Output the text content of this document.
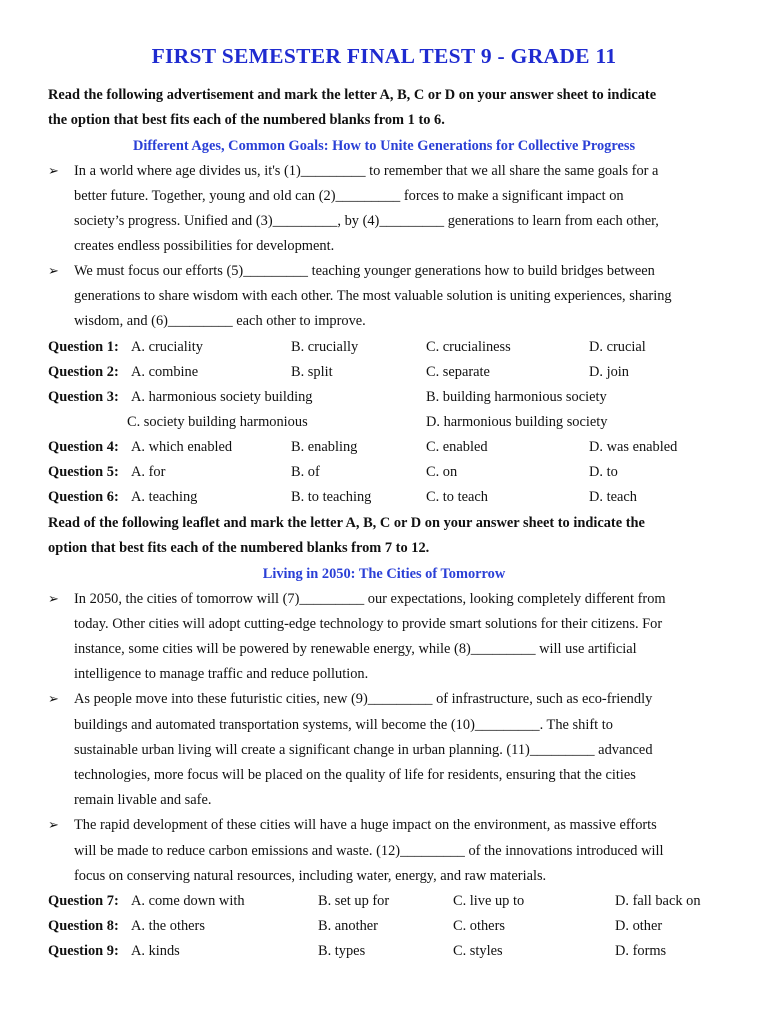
FIRST SEMESTER FINAL TEST 9 - GRADE 11
Read the following advertisement and mark the letter A, B, C or D on your answer sheet to indicate
the option that best fits each of the numbered blanks from 1 to 6.
Different Ages, Common Goals: How to Unite Generations for Collective Progress
➢ In a world where age divides us, it's (1)_________ to remember that we all share the same goals for a
better future. Together, young and old can (2)_________ forces to make a significant impact on
society’s progress. Unified and (3)_________, by (4)_________ generations to learn from each other,
creates endless possibilities for development.
➢ We must focus our efforts (5)_________ teaching younger generations how to build bridges between
generations to share wisdom with each other. The most valuable solution is uniting experiences, sharing
wisdom, and (6)_________ each other to improve.
Question 1: A. cruciality	B. crucially	C. crucialiness	D. crucial
Question 2: A. combine	B. split	C. separate	D. join
Question 3: A. harmonious society building	B. building harmonious society
C. society building harmonious	D. harmonious building society
Question 4: A. which enabled	B. enabling	C. enabled	D. was enabled
Question 5: A. for	B. of	C. on	D. to
Question 6: A. teaching	B. to teaching	C. to teach	D. teach
Read of the following leaflet and mark the letter A, B, C or D on your answer sheet to indicate the
option that best fits each of the numbered blanks from 7 to 12.
Living in 2050: The Cities of Tomorrow
➢ In 2050, the cities of tomorrow will (7)_________ our expectations, looking completely different from
today. Other cities will adopt cutting-edge technology to provide smart solutions for their citizens. For
instance, some cities will be powered by renewable energy, while (8)_________ will use artificial
intelligence to manage traffic and reduce pollution.
➢ As people move into these futuristic cities, new (9)_________ of infrastructure, such as eco-friendly
buildings and automated transportation systems, will become the (10)_________. The shift to
sustainable urban living will create a significant change in urban planning. (11)_________ advanced
technologies, more focus will be placed on the quality of life for residents, ensuring that the cities
remain livable and safe.
➢ The rapid development of these cities will have a huge impact on the environment, as massive efforts
will be made to reduce carbon emissions and waste. (12)_________ of the innovations introduced will
focus on conserving natural resources, including water, energy, and raw materials.
Question 7: A. come down with	B. set up for	C. live up to	D. fall back on
Question 8: A. the others	B. another	C. others	D. other
Question 9: A. kinds	B. types	C. styles	D. forms
